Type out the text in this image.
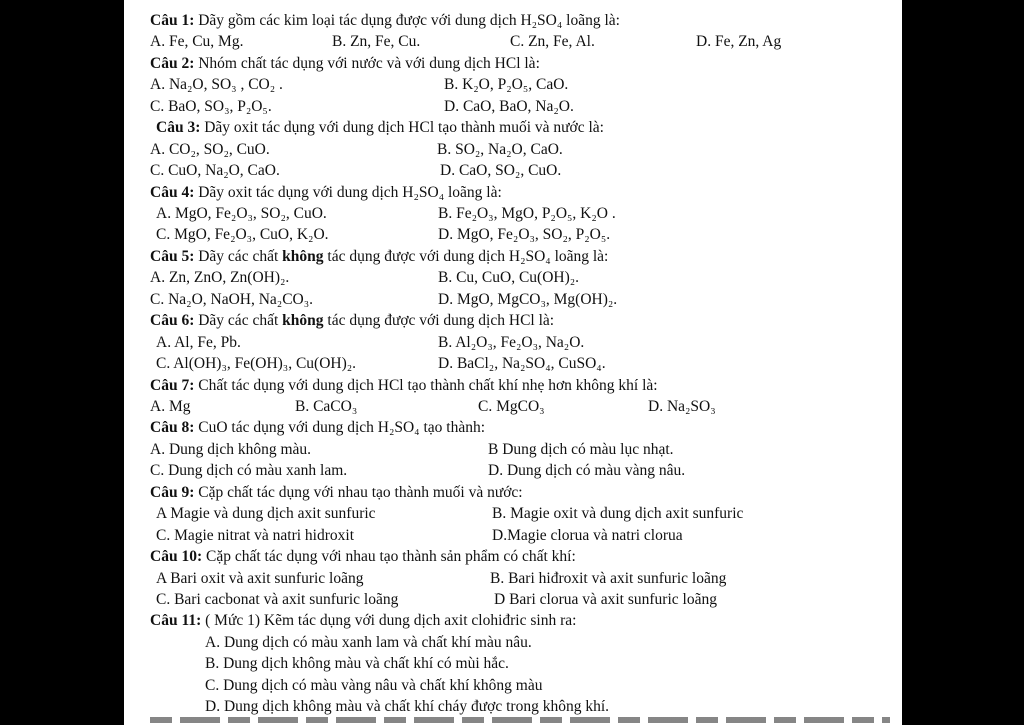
Câu 1: Dãy gồm các kim loại tác dụng được với dung dịch H₂SO₄ loãng là:
A. Fe, Cu, Mg.	B. Zn, Fe, Cu.	C. Zn, Fe, Al.	D. Fe, Zn, Ag
Câu 2: Nhóm chất tác dụng với nước và với dung dịch HCl là:
A. Na₂O, SO₃ , CO₂ .	B. K₂O, P₂O₅, CaO.
C. BaO, SO₃, P₂O₅.	D. CaO, BaO, Na₂O.
Câu 3: Dãy oxit tác dụng với dung dịch HCl tạo thành muối và nước là:
A. CO₂, SO₂, CuO.	B. SO₂, Na₂O, CaO.
C. CuO, Na₂O, CaO.	D. CaO, SO₂, CuO.
Câu 4: Dãy oxit tác dụng với dung dịch H₂SO₄ loãng là:
A. MgO, Fe₂O₃, SO₂, CuO.	B. Fe₂O₃, MgO, P₂O₅, K₂O .
C. MgO, Fe₂O₃, CuO, K₂O.	D. MgO, Fe₂O₃, SO₂, P₂O₅.
Câu 5: Dãy các chất không tác dụng được với dung dịch H₂SO₄ loãng là:
A. Zn, ZnO, Zn(OH)₂.	B. Cu, CuO, Cu(OH)₂.
C. Na₂O, NaOH, Na₂CO₃.	D. MgO, MgCO₃, Mg(OH)₂.
Câu 6: Dãy các chất không tác dụng được với dung dịch HCl là:
A. Al, Fe, Pb.	B. Al₂O₃, Fe₂O₃, Na₂O.
C. Al(OH)₃, Fe(OH)₃, Cu(OH)₂.	D. BaCl₂, Na₂SO₄, CuSO₄.
Câu 7: Chất tác dụng với dung dịch HCl tạo thành chất khí nhẹ hơn không khí là:
A. Mg	B. CaCO₃	C. MgCO₃	D. Na₂SO₃
Câu 8: CuO tác dụng với dung dịch H₂SO₄ tạo thành:
A. Dung dịch không màu.	B Dung dịch có màu lục nhạt.
C. Dung dịch có màu xanh lam.	D. Dung dịch có màu vàng nâu.
Câu 9: Cặp chất tác dụng với nhau tạo thành muối và nước:
A Magie và dung dịch axit sunfuric	B. Magie oxit và dung dịch axit sunfuric
C. Magie nitrat và natri hidroxit	D.Magie clorua và natri clorua
Câu 10: Cặp chất tác dụng với nhau tạo thành sản phẩm có chất khí:
A Bari oxit và axit sunfuric loãng	B. Bari hiđroxit và axit sunfuric loãng
C. Bari cacbonat và axit sunfuric loãng	D Bari clorua và axit sunfuric loãng
Câu 11: ( Mức 1) Kẽm tác dụng với dung dịch axit clohiđric sinh ra:
A. Dung dịch có màu xanh lam và chất khí màu nâu.
B. Dung dịch không màu và chất khí có mùi hắc.
C. Dung dịch có màu vàng nâu và chất khí không màu
D. Dung dịch không màu và chất khí cháy được trong không khí.
